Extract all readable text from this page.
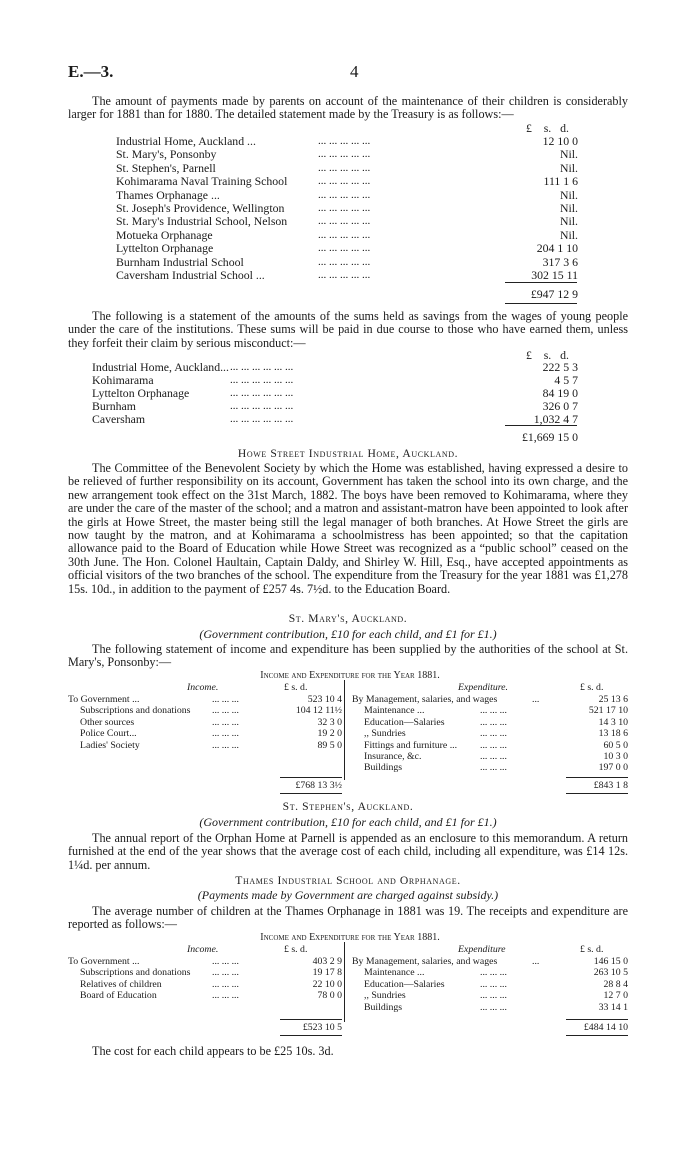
E.—3.	4

The amount of payments made by parents on account of the maintenance of their children is considerably larger for 1881 than for 1880. The detailed statement made by the Treasury is as follows:—

£ s. d.
Industrial Home, Auckland ...	... ... ... ... ...	12 10 0
St. Mary's, Ponsonby	... ... ... ... ...	Nil.
St. Stephen's, Parnell	... ... ... ... ...	Nil.
Kohimarama Naval Training School	... ... ... ... ...	111 1 6
Thames Orphanage ...	... ... ... ... ...	Nil.
St. Joseph's Providence, Wellington	... ... ... ... ...	Nil.
St. Mary's Industrial School, Nelson	... ... ... ... ...	Nil.
Motueka Orphanage	... ... ... ... ...	Nil.
Lyttelton Orphanage	... ... ... ... ...	204 1 10
Burnham Industrial School	... ... ... ... ...	317 3 6
Caversham Industrial School ...	... ... ... ... ...	302 15 11
£947 12 9

The following is a statement of the amounts of the sums held as savings from the wages of young people under the care of the institutions. These sums will be paid in due course to those who have earned them, unless they forfeit their claim by serious misconduct:—

£ s. d.
Industrial Home, Auckland... ... ... ... ... ... ...	222 5 3
Kohimarama	... ... ... ... ... ...	4 5 7
Lyttelton Orphanage	... ... ... ... ... ...	84 19 0
Burnham	... ... ... ... ... ...	326 0 7
Caversham	... ... ... ... ... ...	1,032 4 7
£1,669 15 0
Howe Street Industrial Home, Auckland.

The Committee of the Benevolent Society by which the Home was established, having expressed a desire to be relieved of further responsibility on its account, Government has taken the school into its own charge, and the new arrangement took effect on the 31st March, 1882. The boys have been removed to Kohimarama, where they are under the care of the master of the school; and a matron and assistant-matron have been appointed to look after the girls at Howe Street, the master being still the legal manager of both branches. At Howe Street the girls are now taught by the matron, and at Kohimarama a schoolmistress has been appointed; so that the capitation allowance paid to the Board of Education while Howe Street was recognized as a “public school” ceased on the 30th June. The Hon. Colonel Haultain, Captain Daldy, and Shirley W. Hill, Esq., have accepted appointments as official visitors of the two branches of the school. The expenditure from the Treasury for the year 1881 was £1,278 15s. 10d., in addition to the payment of £257 4s. 7½d. to the Education Board.

St. Mary's, Auckland.
(Government contribution, £10 for each child, and £1 for £1.)

The following statement of income and expenditure has been supplied by the authorities of the school at St. Mary's, Ponsonby:—

Income and Expenditure for the Year 1881.
Income.	£ s. d.	Expenditure.	£ s. d.
To Government ...	... ... ...	523 10 4
Subscriptions and donations ... ... ...	104 12 11½
Other sources	... ... ...	32 3 0
Police Court...	... ... ...	19 2 0
Ladies' Society	... ... ...	89 5 0
By Management, salaries, and wages	...	25 13 6
Maintenance ...	... ... ...	521 17 10
Education—Salaries	... ... ...	14 3 10
,, Sundries	... ... ...	13 18 6
Fittings and furniture ... ... ... ...	60 5 0
Insurance, &c.	... ... ...	10 3 0
Buildings	... ... ...	197 0 0
£768 13 3½	£843 1 8
St. Stephen's, Auckland.
(Government contribution, £10 for each child, and £1 for £1.)

The annual report of the Orphan Home at Parnell is appended as an enclosure to this memorandum. A return furnished at the end of the year shows that the average cost of each child, including all expenditure, was £14 12s. 1¼d. per annum.

Thames Industrial School and Orphanage.
(Payments made by Government are charged against subsidy.)

The average number of children at the Thames Orphanage in 1881 was 19. The receipts and expenditure are reported as follows:—

Income and Expenditure for the Year 1881.
Income.	£ s. d.	Expenditure	£ s. d.
To Government ...	... ... ...	403 2 9
Subscriptions and donations ... ... ...	19 17 8
Relatives of children	... ... ...	22 10 0
Board of Education	... ... ...	78 0 0
By Management, salaries, and wages	...	146 15 0
Maintenance ...	... ... ...	263 10 5
Education—Salaries	... ... ...	28 8 4
,, Sundries	... ... ...	12 7 0
Buildings	... ... ...	33 14 1
£523 10 5	£484 14 10

The cost for each child appears to be £25 10s. 3d.
